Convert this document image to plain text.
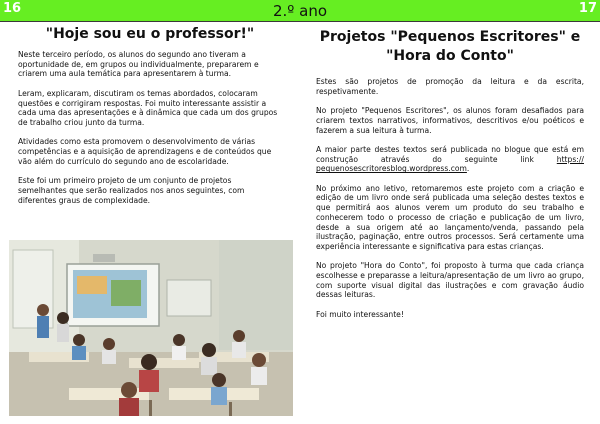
16	2.º ano	17
"Hoje sou eu o professor!"

Neste terceiro período, os alunos do segundo ano tiveram a oportunidade de, em grupos ou individualmente, prepararem e criarem uma aula temática para apresentarem à turma.

Leram, explicaram, discutiram os temas abordados, colocaram questões e corrigiram respostas. Foi muito interessante assistir a cada uma das apresentações e à dinâmica que cada um dos grupos de trabalho criou junto da turma.

Atividades como esta promovem o desenvolvimento de várias competências e a aquisição de aprendizagens e de conteúdos que vão além do currículo do segundo ano de escolaridade.

Este foi um primeiro projeto de um conjunto de projetos semelhantes que serão realizados nos anos seguintes, com diferentes graus de complexidade.

Projetos "Pequenos Escritores" e "Hora do Conto"

Estes são projetos de promoção da leitura e da escrita, respetivamente.

No projeto "Pequenos Escritores", os alunos foram desafiados para criarem textos narrativos, informativos, descritivos e/ou poéticos e fazerem a sua leitura à turma.

A maior parte destes textos será publicada no blogue que está em construção através do seguinte link https:// pequenosescritoresblog.wordpress.com.

No próximo ano letivo, retomaremos este projeto com a criação e edição de um livro onde será publicada uma seleção destes textos e que permitirá aos alunos verem um produto do seu trabalho e conhecerem todo o processo de criação e publicação de um livro, desde a sua origem até ao lançamento/venda, passando pela ilustração, paginação, entre outros processos. Será certamente uma experiência interessante e significativa para estas crianças.

No projeto "Hora do Conto", foi proposto à turma que cada criança escolhesse e preparasse a leitura/apresentação de um livro ao grupo, com suporte visual digital das ilustrações e com gravação áudio dessas leituras.

Foi muito interessante!
